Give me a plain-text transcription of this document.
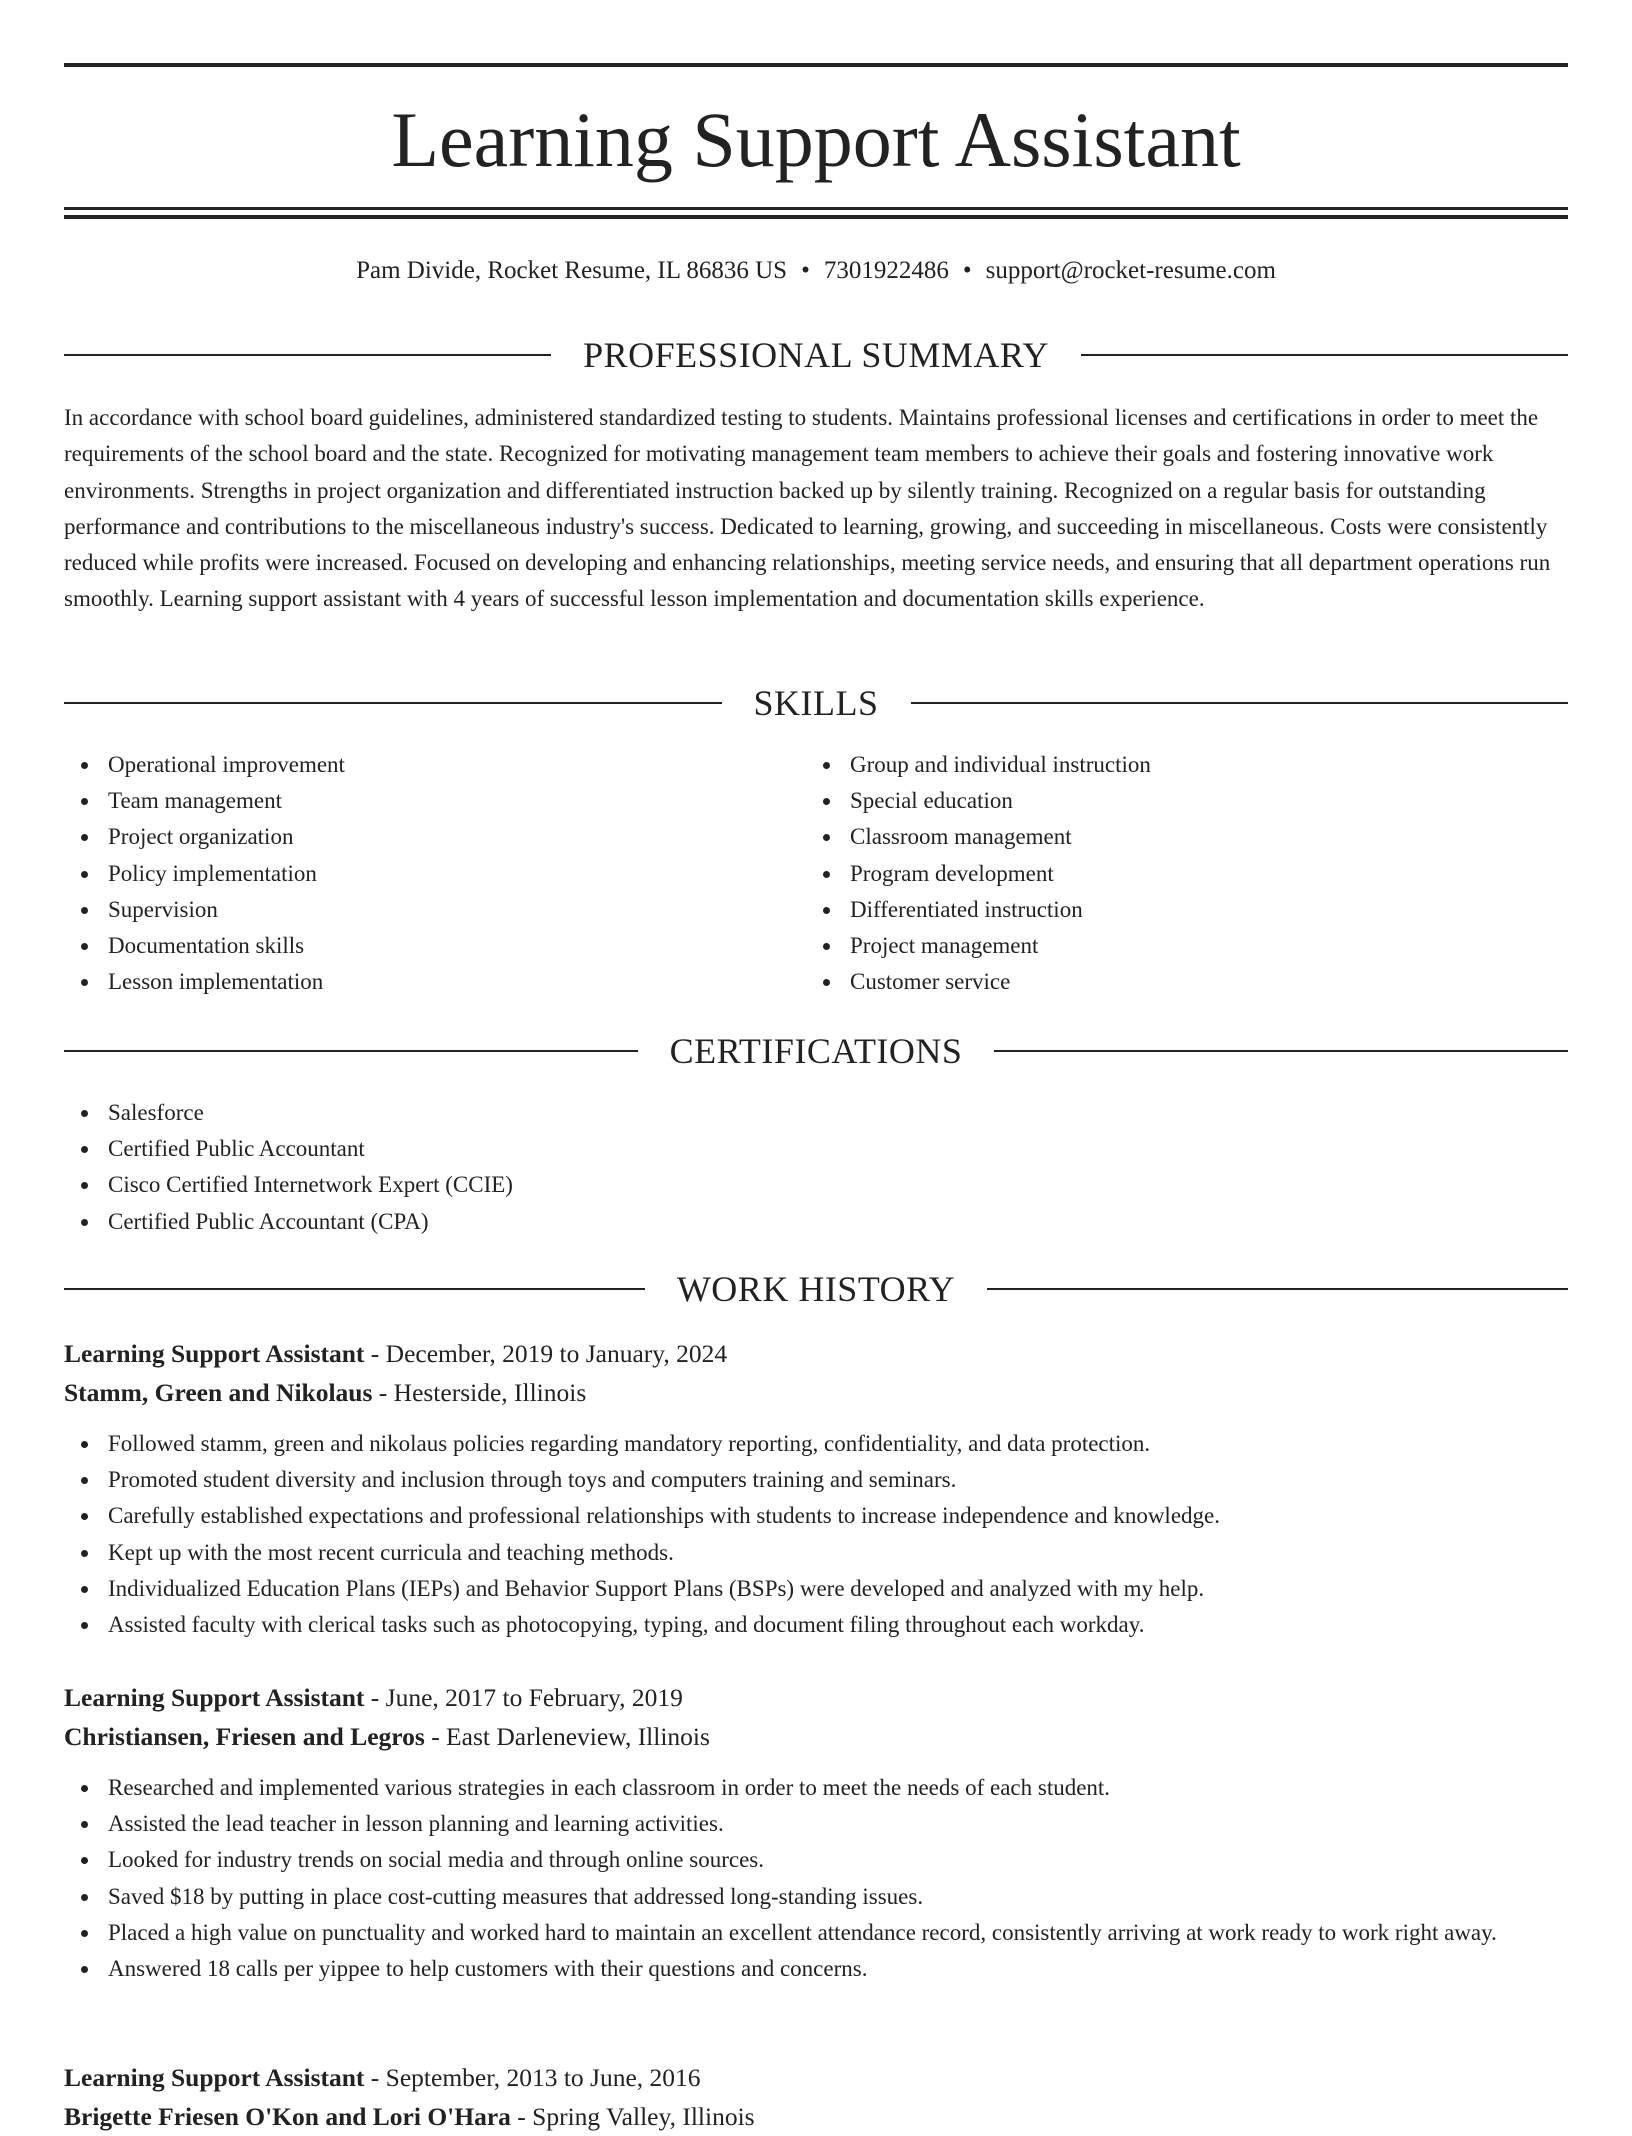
Learning Support Assistant
Pam Divide, Rocket Resume, IL 86836 US • 7301922486 • support@rocket-resume.com
PROFESSIONAL SUMMARY

In accordance with school board guidelines, administered standardized testing to students. Maintains professional licenses and certifications in order to meet the requirements of the school board and the state. Recognized for motivating management team members to achieve their goals and fostering innovative work environments. Strengths in project organization and differentiated instruction backed up by silently training. Recognized on a regular basis for outstanding performance and contributions to the miscellaneous industry's success. Dedicated to learning, growing, and succeeding in miscellaneous. Costs were consistently reduced while profits were increased. Focused on developing and enhancing relationships, meeting service needs, and ensuring that all department operations run smoothly. Learning support assistant with 4 years of successful lesson implementation and documentation skills experience.

SKILLS
Operational improvement
Team management
Project organization
Policy implementation
Supervision
Documentation skills
Lesson implementation
Group and individual instruction
Special education
Classroom management
Program development
Differentiated instruction
Project management
Customer service
CERTIFICATIONS
Salesforce
Certified Public Accountant
Cisco Certified Internetwork Expert (CCIE)
Certified Public Accountant (CPA)
WORK HISTORY
Learning Support Assistant - December, 2019 to January, 2024
Stamm, Green and Nikolaus - Hesterside, Illinois
Followed stamm, green and nikolaus policies regarding mandatory reporting, confidentiality, and data protection.
Promoted student diversity and inclusion through toys and computers training and seminars.
Carefully established expectations and professional relationships with students to increase independence and knowledge.
Kept up with the most recent curricula and teaching methods.
Individualized Education Plans (IEPs) and Behavior Support Plans (BSPs) were developed and analyzed with my help.
Assisted faculty with clerical tasks such as photocopying, typing, and document filing throughout each workday.
Learning Support Assistant - June, 2017 to February, 2019
Christiansen, Friesen and Legros - East Darleneview, Illinois
Researched and implemented various strategies in each classroom in order to meet the needs of each student.
Assisted the lead teacher in lesson planning and learning activities.
Looked for industry trends on social media and through online sources.
Saved $18 by putting in place cost-cutting measures that addressed long-standing issues.
Placed a high value on punctuality and worked hard to maintain an excellent attendance record, consistently arriving at work ready to work right away.
Answered 18 calls per yippee to help customers with their questions and concerns.
Learning Support Assistant - September, 2013 to June, 2016
Brigette Friesen O'Kon and Lori O'Hara - Spring Valley, Illinois
